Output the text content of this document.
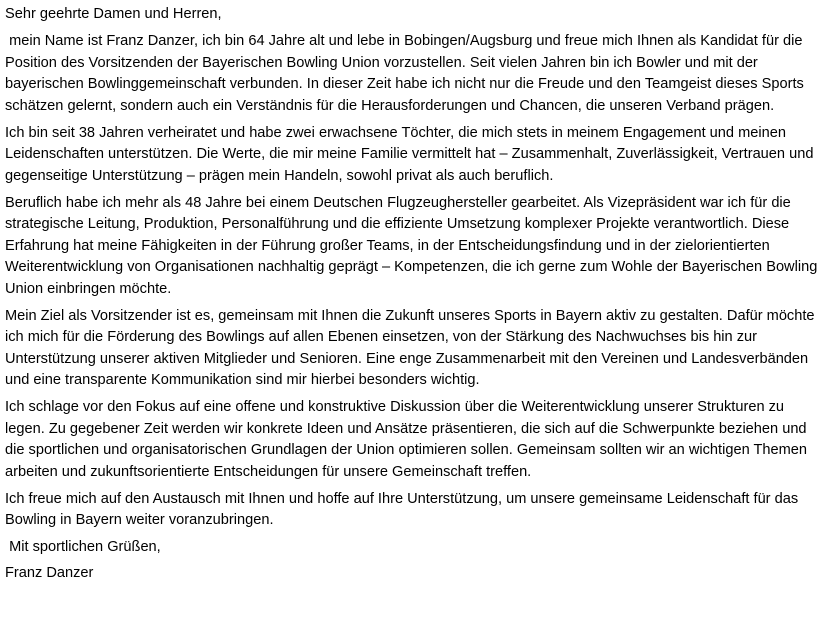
Sehr geehrte Damen und Herren,

mein Name ist Franz Danzer, ich bin 64 Jahre alt und lebe in Bobingen/Augsburg und freue mich Ihnen als Kandidat für die Position des Vorsitzenden der Bayerischen Bowling Union vorzustellen. Seit vielen Jahren bin ich Bowler und mit der bayerischen Bowlinggemeinschaft verbunden. In dieser Zeit habe ich nicht nur die Freude und den Teamgeist dieses Sports schätzen gelernt, sondern auch ein Verständnis für die Herausforderungen und Chancen, die unseren Verband prägen.

Ich bin seit 38 Jahren verheiratet und habe zwei erwachsene Töchter, die mich stets in meinem Engagement und meinen Leidenschaften unterstützen. Die Werte, die mir meine Familie vermittelt hat – Zusammenhalt, Zuverlässigkeit, Vertrauen und gegenseitige Unterstützung – prägen mein Handeln, sowohl privat als auch beruflich.

Beruflich habe ich mehr als 48 Jahre bei einem Deutschen Flugzeughersteller gearbeitet. Als Vizepräsident war ich für die strategische Leitung, Produktion, Personalführung und die effiziente Umsetzung komplexer Projekte verantwortlich. Diese Erfahrung hat meine Fähigkeiten in der Führung großer Teams, in der Entscheidungsfindung und in der zielorientierten Weiterentwicklung von Organisationen nachhaltig geprägt – Kompetenzen, die ich gerne zum Wohle der Bayerischen Bowling Union einbringen möchte.

Mein Ziel als Vorsitzender ist es, gemeinsam mit Ihnen die Zukunft unseres Sports in Bayern aktiv zu gestalten. Dafür möchte ich mich für die Förderung des Bowlings auf allen Ebenen einsetzen, von der Stärkung des Nachwuchses bis hin zur Unterstützung unserer aktiven Mitglieder und Senioren. Eine enge Zusammenarbeit mit den Vereinen und Landesverbänden und eine transparente Kommunikation sind mir hierbei besonders wichtig.

Ich schlage vor den Fokus auf eine offene und konstruktive Diskussion über die Weiterentwicklung unserer Strukturen zu legen. Zu gegebener Zeit werden wir konkrete Ideen und Ansätze präsentieren, die sich auf die Schwerpunkte beziehen und die sportlichen und organisatorischen Grundlagen der Union optimieren sollen. Gemeinsam sollten wir an wichtigen Themen arbeiten und zukunftsorientierte Entscheidungen für unsere Gemeinschaft treffen.

Ich freue mich auf den Austausch mit Ihnen und hoffe auf Ihre Unterstützung, um unsere gemeinsame Leidenschaft für das Bowling in Bayern weiter voranzubringen.

Mit sportlichen Grüßen,

Franz Danzer
